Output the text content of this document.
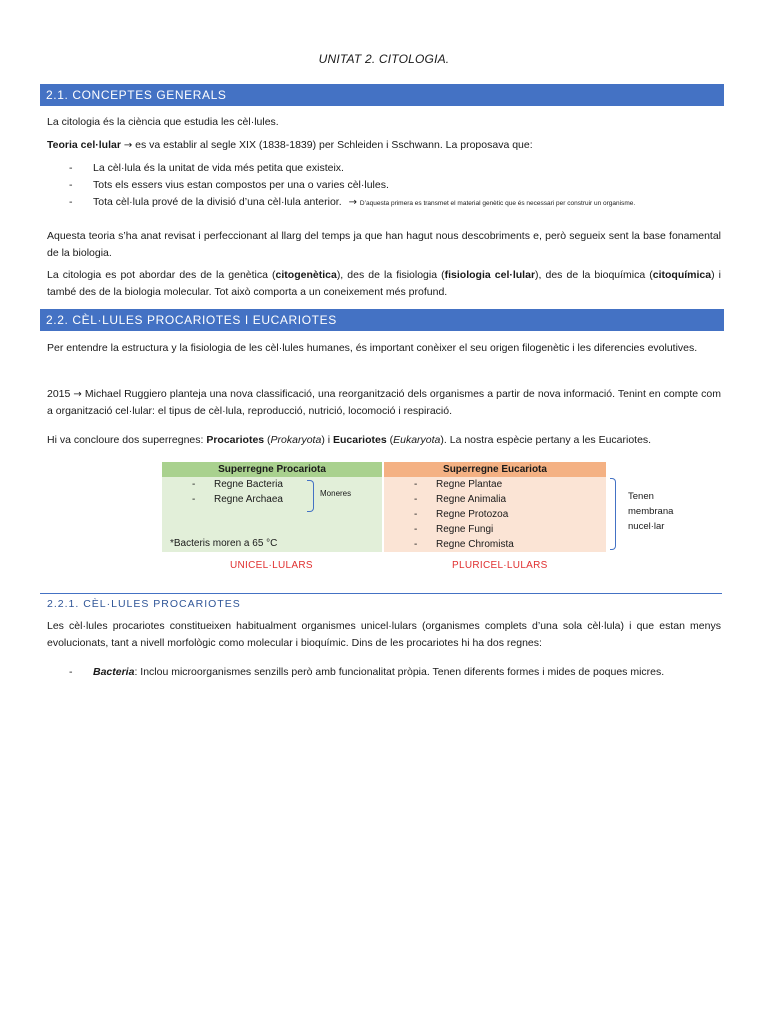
UNITAT 2. CITOLOGIA.
2.1. CONCEPTES GENERALS
La citologia és la ciència que estudia les cèl·lules.
Teoria cel·lular → es va establir al segle XIX (1838-1839) per Schleiden i Sschwann. La proposava que:
- La cèl·lula és la unitat de vida més petita que existeix.
- Tots els essers vius estan compostos per una o varies cèl·lules.
- Tota cèl·lula prové de la divisió d’una cèl·lula anterior. → D’aquesta primera es transmet el material genètic que és necessari per construir un organisme.
Aquesta teoria s’ha anat revisat i perfeccionant al llarg del temps ja que han hagut nous descobriments e, però segueix sent la base fonamental de la biologia.
La citologia es pot abordar des de la genètica (citogenètica), des de la fisiologia (fisiologia cel·lular), des de la bioquímica (citoquímica) i també des de la biologia molecular. Tot això comporta a un coneixement més profund.
2.2. CÈL·LULES PROCARIOTES I EUCARIOTES
Per entendre la estructura y la fisiologia de les cèl·lules humanes, és important conèixer el seu origen filogenètic i les diferencies evolutives.
2015 → Michael Ruggiero planteja una nova classificació, una reorganització dels organismes a partir de nova informació. Tenint en compte com a organització cel·lular: el tipus de cèl·lula, reproducció, nutrició, locomoció i respiració.
Hi va concloure dos superregnes: Procariotes (Prokaryota) i Eucariotes (Eukaryota). La nostra espècie pertany a les Eucariotes.
Superregne Procariota
- Regne Bacteria
- Regne Archaea
Moneres
*Bacteris moren a 65 °C
Superregne Eucariota
- Regne Plantae
- Regne Animalia
- Regne Protozoa
- Regne Fungi
- Regne Chromista
Tenen
membrana
nucel·lar
UNICEL·LULARS	PLURICEL·LULARS
2.2.1. CÈL·LULES PROCARIOTES
Les cèl·lules procariotes constitueixen habitualment organismes unicel·lulars (organismes complets d’una sola cèl·lula) i que estan menys evolucionats, tant a nivell morfològic como molecular i bioquímic. Dins de les procariotes hi ha dos regnes:
- Bacteria: Inclou microorganismes senzills però amb funcionalitat pròpia. Tenen diferents formes i mides de poques micres.
